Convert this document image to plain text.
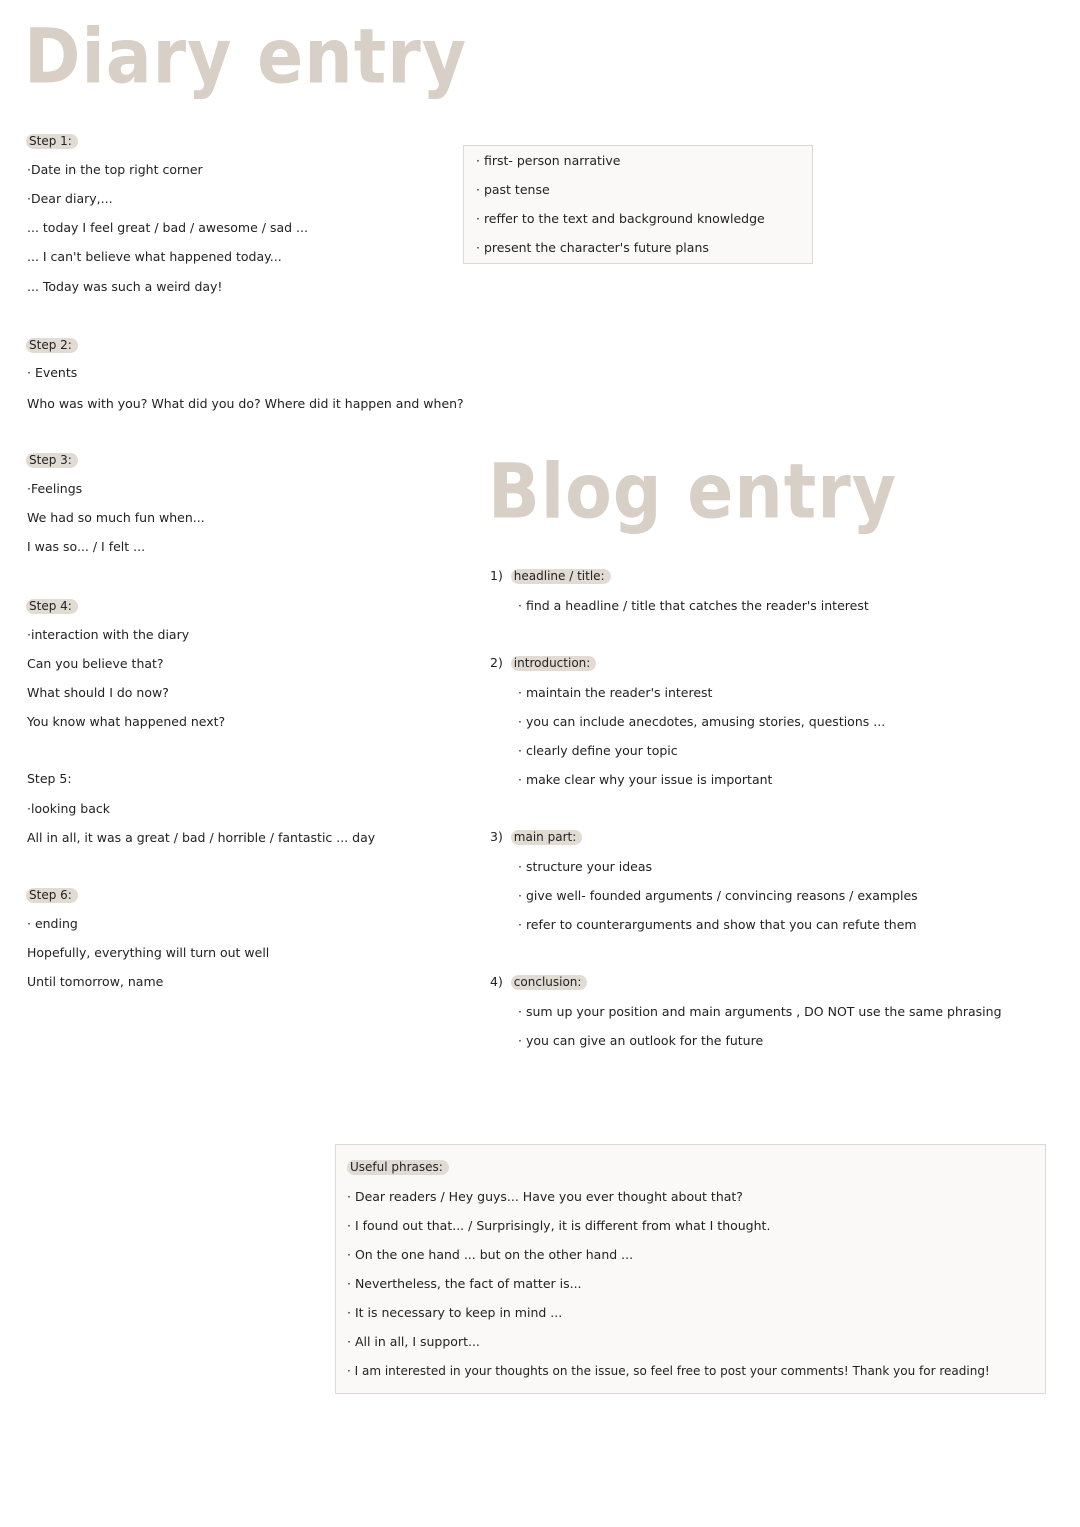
Diary entry
Step 1:
·Date in the top right corner
·Dear diary,...
... today I feel great / bad / awesome / sad ...
... I can't believe what happened today...
... Today was such a weird day!
· first- person narrative
· past tense
· reffer to the text and background knowledge
· present the character's future plans
Step 2:
· Events
Who was with you? What did you do? Where did it happen and when?
Step 3:
·Feelings
We had so much fun when...
I was so... / I felt ...
Blog entry
Step 4:
·interaction with the diary
Can you believe that?
What should I do now?
You know what happened next?
Step 5:
·looking back
All in all, it was a great / bad / horrible / fantastic ... day
Step 6:
· ending
Hopefully, everything will turn out well
Until tomorrow, name
1) headline / title:
· find a headline / title that catches the reader's interest
2) introduction:
· maintain the reader's interest
· you can include anecdotes, amusing stories, questions ...
· clearly define your topic
· make clear why your issue is important
3) main part:
· structure your ideas
· give well- founded arguments / convincing reasons / examples
· refer to counterarguments and show that you can refute them
4) conclusion:
· sum up your position and main arguments , DO NOT use the same phrasing
· you can give an outlook for the future
Useful phrases:
· Dear readers / Hey guys... Have you ever thought about that?
· I found out that... / Surprisingly, it is different from what I thought.
· On the one hand ... but on the other hand ...
· Nevertheless, the fact of matter is...
· It is necessary to keep in mind ...
· All in all, I support...
· I am interested in your thoughts on the issue, so feel free to post your comments! Thank you for reading!
